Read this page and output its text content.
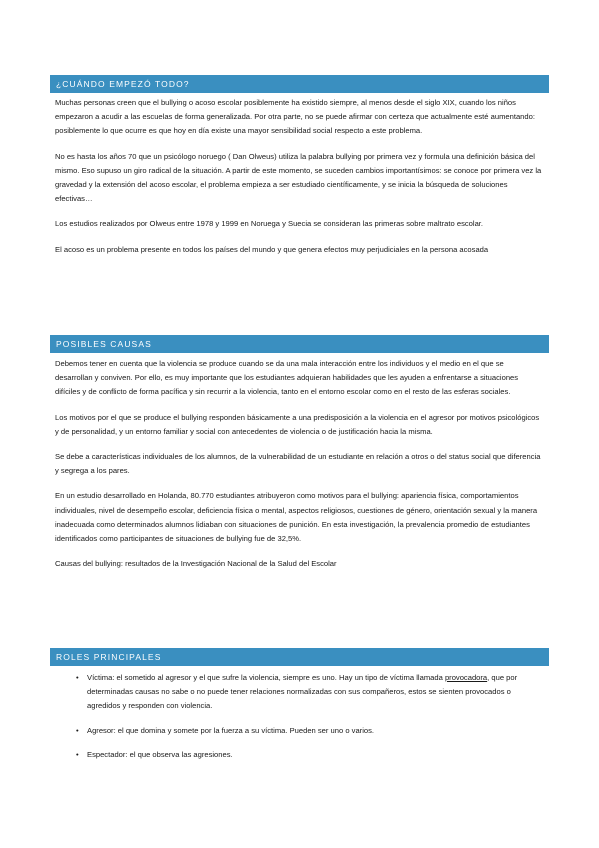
¿CUÁNDO EMPEZÓ TODO?

Muchas personas creen que el bullying o acoso escolar posiblemente ha existido siempre, al menos desde el siglo XIX, cuando los niños empezaron a acudir a las escuelas de forma generalizada. Por otra parte, no se puede afirmar con certeza que actualmente esté aumentando: posiblemente lo que ocurre es que hoy en día existe una mayor sensibilidad social respecto a este problema.

No es hasta los años 70 que un psicólogo noruego ( Dan Olweus) utiliza la palabra bullying por primera vez y formula una definición básica del mismo. Eso supuso un giro radical de la situación. A partir de este momento, se suceden cambios importantísimos: se conoce por primera vez la gravedad y la extensión del acoso escolar, el problema empieza a ser estudiado científicamente, y se inicia la búsqueda de soluciones efectivas…

Los estudios realizados por Olweus entre 1978 y 1999 en Noruega y Suecia se consideran las primeras sobre maltrato escolar.

El acoso es un problema presente en todos los países del mundo y que genera efectos muy perjudiciales en la persona acosada

POSIBLES CAUSAS

Debemos tener en cuenta que la violencia se produce cuando se da una mala interacción entre los individuos y el medio en el que se desarrollan y conviven. Por ello, es muy importante que los estudiantes adquieran habilidades que les ayuden a enfrentarse a situaciones difíciles y de conflicto de forma pacífica y sin recurrir a la violencia, tanto en el entorno escolar como en el resto de las esferas sociales.

Los motivos por el que se produce el bullying responden básicamente a una predisposición a la violencia en el agresor por motivos psicológicos y de personalidad, y un entorno familiar y social con antecedentes de violencia o de justificación hacia la misma.

Se debe a características individuales de los alumnos, de la vulnerabilidad de un estudiante en relación a otros o del status social que diferencia y segrega a los pares.

En un estudio desarrollado en Holanda, 80.770 estudiantes atribuyeron como motivos para el bullying: apariencia física, comportamientos individuales, nivel de desempeño escolar, deficiencia física o mental, aspectos religiosos, cuestiones de género, orientación sexual y la manera inadecuada como determinados alumnos lidiaban con situaciones de punición. En esta investigación, la prevalencia promedio de estudiantes identificados como participantes de situaciones de bullying fue de 32,5%.

Causas del bullying: resultados de la Investigación Nacional de la Salud del Escolar

ROLES PRINCIPALES
• Víctima: el sometido al agresor y el que sufre la violencia, siempre es uno. Hay un tipo de víctima llamada provocadora, que por determinadas causas no sabe o no puede tener relaciones normalizadas con sus compañeros, estos se sienten provocados o agredidos y responden con violencia.
• Agresor: el que domina y somete por la fuerza a su víctima. Pueden ser uno o varios.
• Espectador: el que observa las agresiones.
